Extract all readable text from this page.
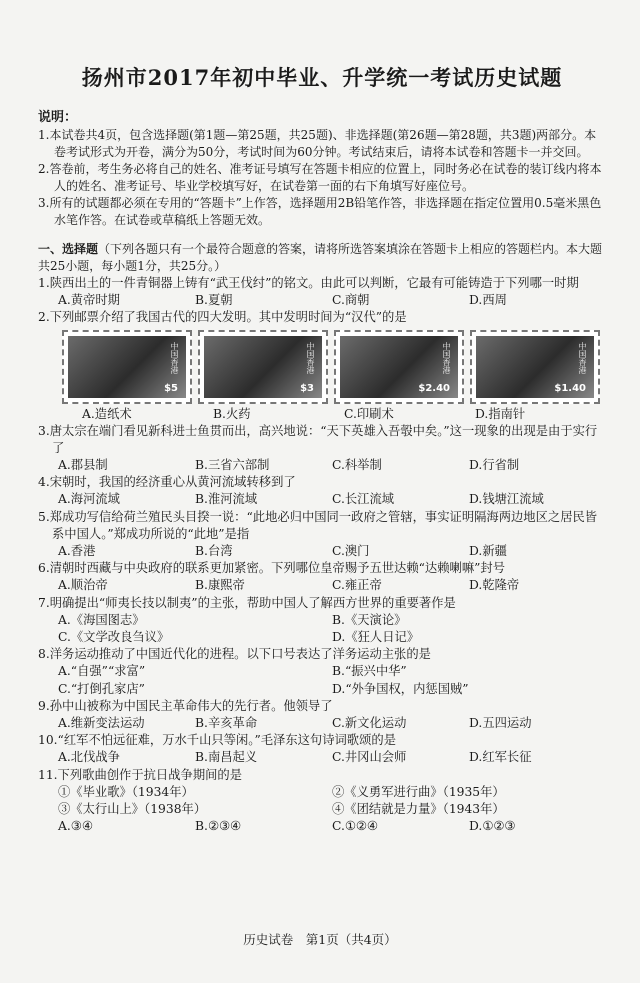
扬州市2017年初中毕业、升学统一考试历史试题
说明：
1.本试卷共4页，包含选择题(第1题—第25题，共25题)、非选择题(第26题—第28题，共3题)两部分。本卷考试形式为开卷，满分为50分，考试时间为60分钟。考试结束后，请将本试卷和答题卡一并交回。
2.答卷前，考生务必将自己的姓名、准考证号填写在答题卡相应的位置上，同时务必在试卷的装订线内将本人的姓名、准考证号、毕业学校填写好，在试卷第一面的右下角填写好座位号。
3.所有的试题都必须在专用的“答题卡”上作答，选择题用2B铅笔作答，非选择题在指定位置用0.5毫米黑色水笔作答。在试卷或草稿纸上答题无效。
一、选择题（下列各题只有一个最符合题意的答案，请将所选答案填涂在答题卡上相应的答题栏内。本大题共25小题，每小题1分，共25分。）
1.陕西出土的一件青铜器上铸有“武王伐纣”的铭文。由此可以判断，它最有可能铸造于下列哪一时期
A.黄帝时期	B.夏朝	C.商朝	D.西周
2.下列邮票介绍了我国古代的四大发明。其中发明时间为“汉代”的是
中国香港
$5
中国香港
$3
中国香港
$2.40
中国香港
$1.40
A.造纸术	B.火药	C.印刷术	D.指南针
3.唐太宗在端门看见新科进士鱼贯而出，高兴地说：“天下英雄入吾彀中矣。”这一现象的出现是由于实行了
A.郡县制	B.三省六部制	C.科举制	D.行省制
4.宋朝时，我国的经济重心从黄河流域转移到了
A.海河流域	B.淮河流域	C.长江流域	D.钱塘江流域
5.郑成功写信给荷兰殖民头目揆一说：“此地必归中国同一政府之管辖，事实证明隔海两边地区之居民皆系中国人。”郑成功所说的“此地”是指
A.香港	B.台湾	C.澳门	D.新疆
6.清朝时西藏与中央政府的联系更加紧密。下列哪位皇帝赐予五世达赖“达赖喇嘛”封号
A.顺治帝	B.康熙帝	C.雍正帝	D.乾隆帝
7.明确提出“师夷长技以制夷”的主张，帮助中国人了解西方世界的重要著作是
A.《海国图志》	B.《天演论》
C.《文学改良刍议》	D.《狂人日记》
8.洋务运动推动了中国近代化的进程。以下口号表达了洋务运动主张的是
A.“自强”“求富”	B.“振兴中华”
C.“打倒孔家店”	D.“外争国权，内惩国贼”
9.孙中山被称为中国民主革命伟大的先行者。他领导了
A.维新变法运动	B.辛亥革命	C.新文化运动	D.五四运动
10.“红军不怕远征难，万水千山只等闲。”毛泽东这句诗词歌颂的是
A.北伐战争	B.南昌起义	C.井冈山会师	D.红军长征
11.下列歌曲创作于抗日战争期间的是
①《毕业歌》（1934年）	②《义勇军进行曲》（1935年）
③《太行山上》（1938年）	④《团结就是力量》（1943年）
A.③④	B.②③④	C.①②④	D.①②③
历史试卷　第1页（共4页）
